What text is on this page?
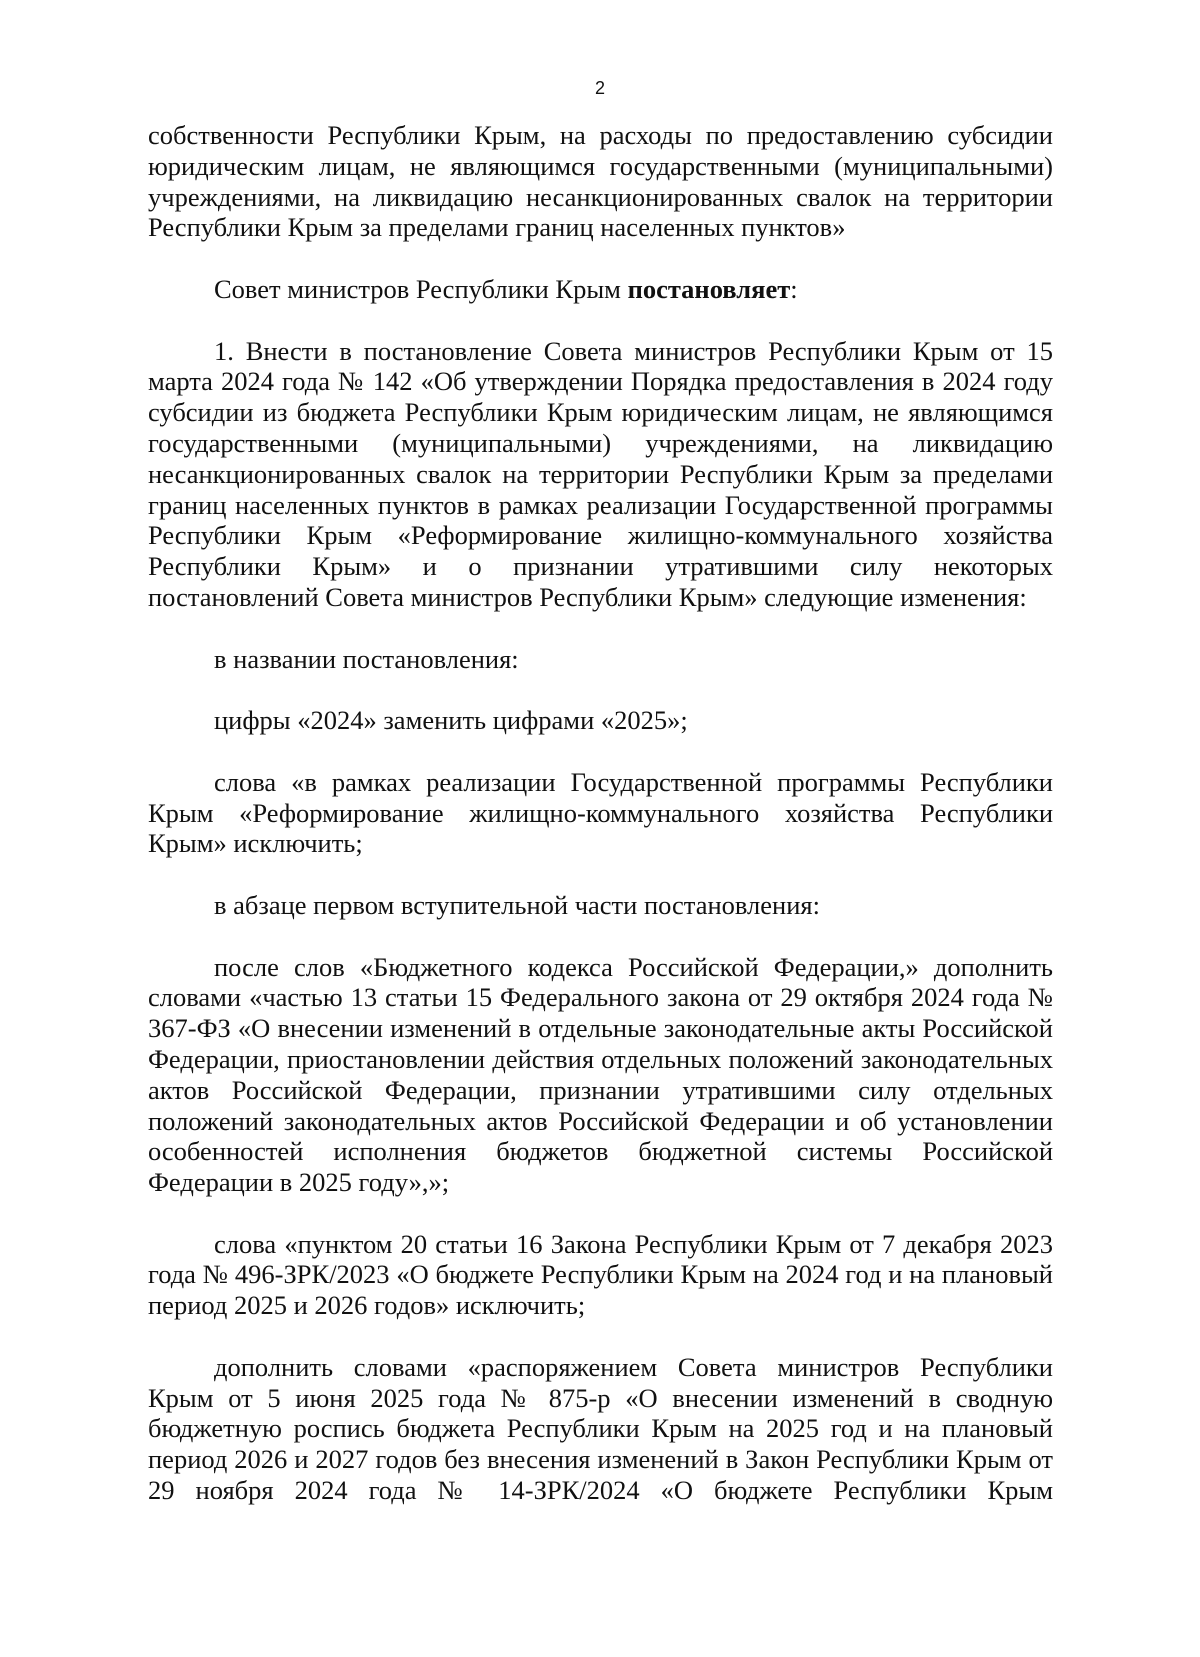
2

собственности Республики Крым, на расходы по предоставлению субсидии юридическим лицам, не являющимся государственными (муниципальными) учреждениями, на ликвидацию несанкционированных свалок на территории Республики Крым за пределами границ населенных пунктов»

Совет министров Республики Крым постановляет:

1. Внести в постановление Совета министров Республики Крым от 15 марта 2024 года № 142 «Об утверждении Порядка предоставления в 2024 году субсидии из бюджета Республики Крым юридическим лицам, не являющимся государственными (муниципальными) учреждениями, на ликвидацию несанкционированных свалок на территории Республики Крым за пределами границ населенных пунктов в рамках реализации Государственной программы Республики Крым «Реформирование жилищно-коммунального хозяйства Республики Крым» и о признании утратившими силу некоторых постановлений Совета министров Республики Крым» следующие изменения:

в названии постановления:

цифры «2024» заменить цифрами «2025»;

слова «в рамках реализации Государственной программы Республики Крым «Реформирование жилищно-коммунального хозяйства Республики Крым» исключить;

в абзаце первом вступительной части постановления:

после слов «Бюджетного кодекса Российской Федерации,» дополнить словами «частью 13 статьи 15 Федерального закона от 29 октября 2024 года № 367-ФЗ «О внесении изменений в отдельные законодательные акты Российской Федерации, приостановлении действия отдельных положений законодательных актов Российской Федерации, признании утратившими силу отдельных положений законодательных актов Российской Федерации и об установлении особенностей исполнения бюджетов бюджетной системы Российской Федерации в 2025 году»,»;

слова «пунктом 20 статьи 16 Закона Республики Крым от 7 декабря 2023 года № 496-ЗРК/2023 «О бюджете Республики Крым на 2024 год и на плановый период 2025 и 2026 годов» исключить;

дополнить словами «распоряжением Совета министров Республики Крым от 5 июня 2025 года № 875-р «О внесении изменений в сводную бюджетную роспись бюджета Республики Крым на 2025 год и на плановый период 2026 и 2027 годов без внесения изменений в Закон Республики Крым от 29 ноября 2024 года № 14-ЗРК/2024 «О бюджете Республики Крым
